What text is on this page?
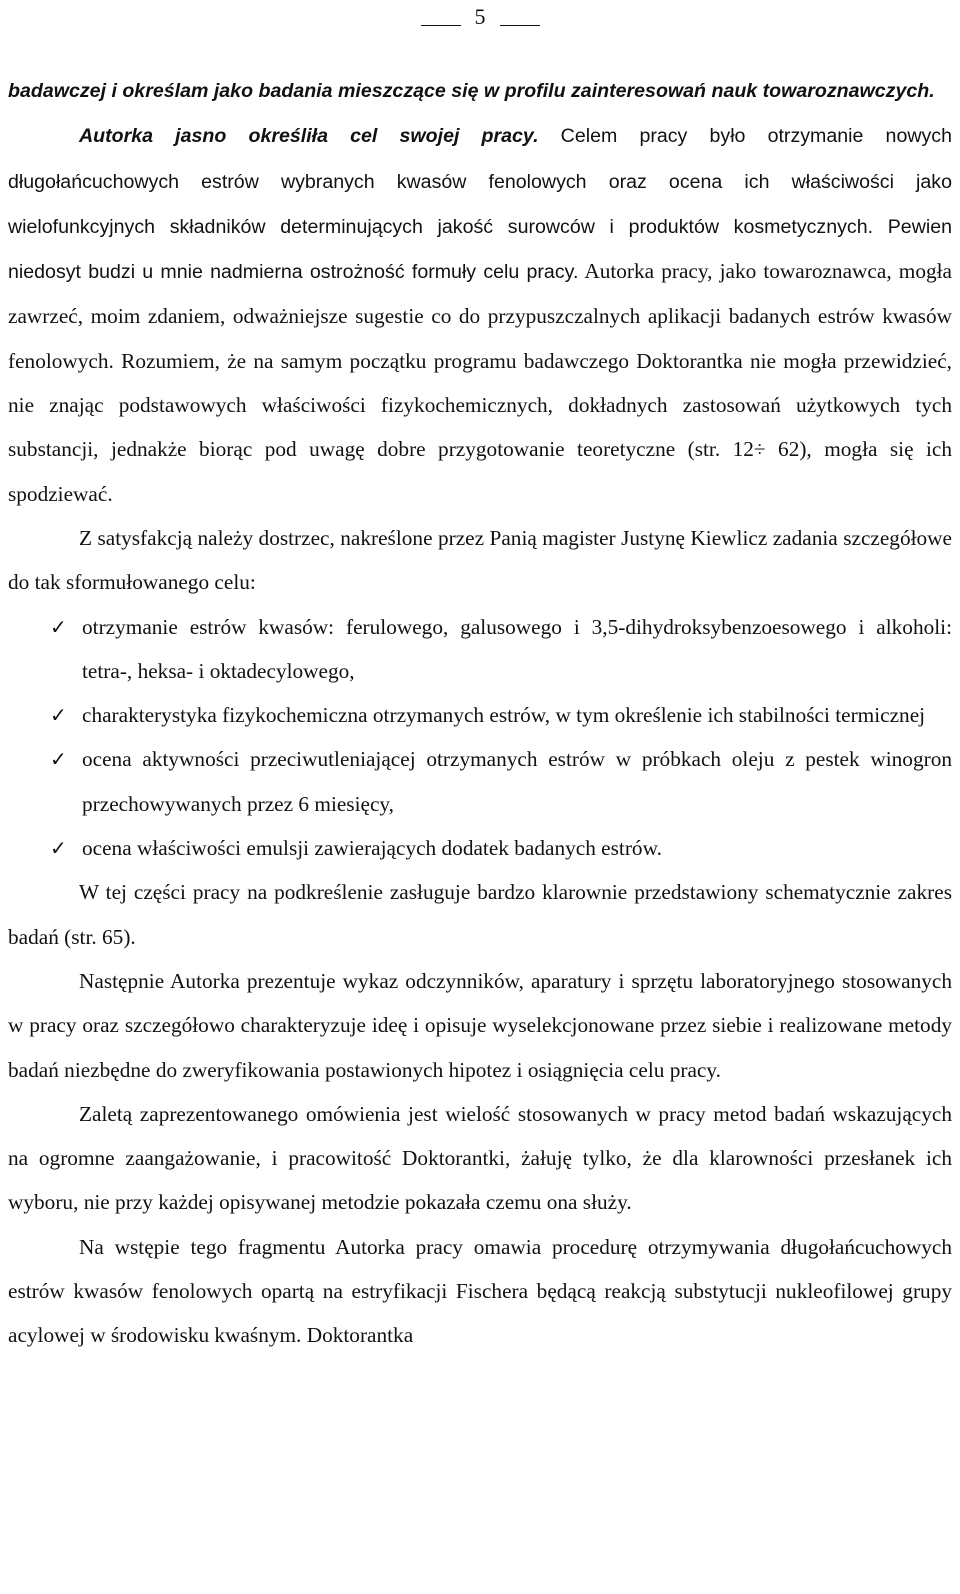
5

badawczej i określam jako badania mieszczące się w profilu zainteresowań nauk towaroznawczych.

Autorka jasno określiła cel swojej pracy. Celem pracy było otrzymanie nowych długołańcuchowych estrów wybranych kwasów fenolowych oraz ocena ich właściwości jako wielofunkcyjnych składników determinujących jakość surowców i produktów kosmetycznych. Pewien niedosyt budzi u mnie nadmierna ostrożność formuły celu pracy. Autorka pracy, jako towaroznawca, mogła zawrzeć, moim zdaniem, odważniejsze sugestie co do przypuszczalnych aplikacji badanych estrów kwasów fenolowych. Rozumiem, że na samym początku programu badawczego Doktorantka nie mogła przewidzieć, nie znając podstawowych właściwości fizykochemicznych, dokładnych zastosowań użytkowych tych substancji, jednakże biorąc pod uwagę dobre przygotowanie teoretyczne (str. 12÷ 62), mogła się ich spodziewać.

Z satysfakcją należy dostrzec, nakreślone przez Panią magister Justynę Kiewlicz zadania szczegółowe do tak sformułowanego celu:

✓ otrzymanie estrów kwasów: ferulowego, galusowego i 3,5-dihydroksybenzoesowego i alkoholi: tetra-, heksa- i oktadecylowego,
✓ charakterystyka fizykochemiczna otrzymanych estrów, w tym określenie ich stabilności termicznej
✓ ocena aktywności przeciwutleniającej otrzymanych estrów w próbkach oleju z pestek winogron przechowywanych przez 6 miesięcy,
✓ ocena właściwości emulsji zawierających dodatek badanych estrów.

W tej części pracy na podkreślenie zasługuje bardzo klarownie przedstawiony schematycznie zakres badań (str. 65).

Następnie Autorka prezentuje wykaz odczynników, aparatury i sprzętu laboratoryjnego stosowanych w pracy oraz szczegółowo charakteryzuje ideę i opisuje wyselekcjonowane przez siebie i realizowane metody badań niezbędne do zweryfikowania postawionych hipotez i osiągnięcia celu pracy.

Zaletą zaprezentowanego omówienia jest wielość stosowanych w pracy metod badań wskazujących na ogromne zaangażowanie, i pracowitość Doktorantki, żałuję tylko, że dla klarowności przesłanek ich wyboru, nie przy każdej opisywanej metodzie pokazała czemu ona służy.

Na wstępie tego fragmentu Autorka pracy omawia procedurę otrzymywania długołańcuchowych estrów kwasów fenolowych opartą na estryfikacji Fischera będącą reakcją substytucji nukleofilowej grupy acylowej w środowisku kwaśnym. Doktorantka
